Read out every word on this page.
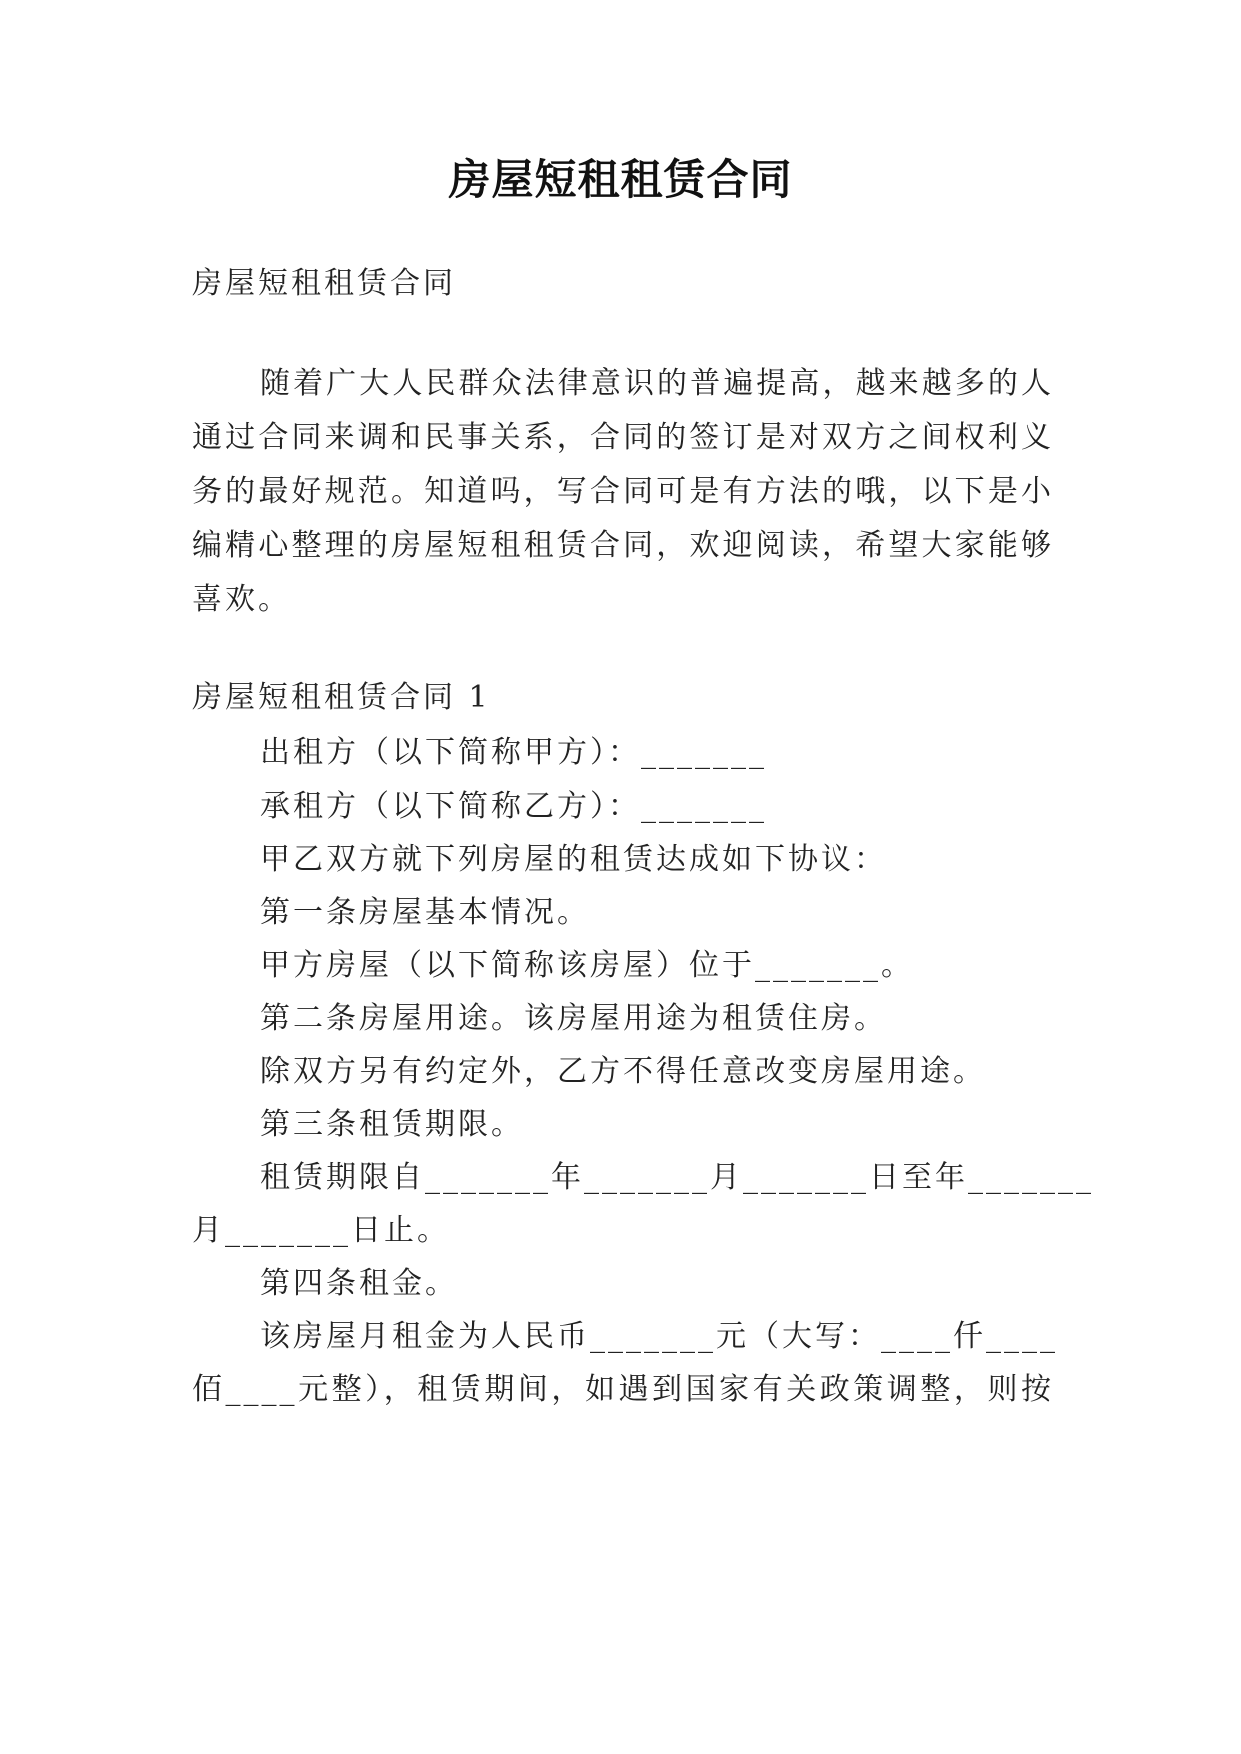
房屋短租租赁合同
房屋短租租赁合同
随着广大人民群众法律意识的普遍提高，越来越多的人
通过合同来调和民事关系，合同的签订是对双方之间权利义
务的最好规范。知道吗，写合同可是有方法的哦，以下是小
编精心整理的房屋短租租赁合同，欢迎阅读，希望大家能够
喜欢。
房屋短租租赁合同 1
出租方（以下简称甲方）：_______
承租方（以下简称乙方）：_______
甲乙双方就下列房屋的租赁达成如下协议：
第一条房屋基本情况。
甲方房屋（以下简称该房屋）位于_______。
第二条房屋用途。该房屋用途为租赁住房。
除双方另有约定外，乙方不得任意改变房屋用途。
第三条租赁期限。
租赁期限自_______年_______月_______日至年_______
月_______日止。
第四条租金。
该房屋月租金为人民币_______元（大写：____仟____
佰____元整），租赁期间，如遇到国家有关政策调整，则按
